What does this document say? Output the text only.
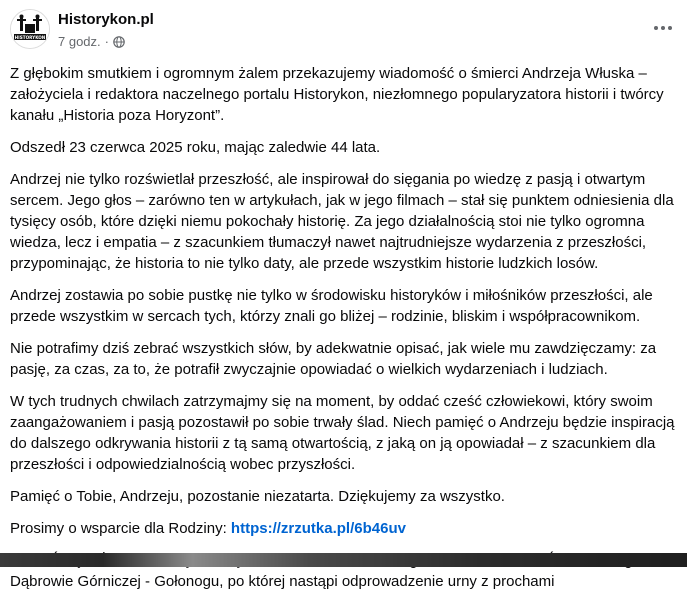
HISTORYKON
Historykon.pl
7 godz. ·

Z głębokim smutkiem i ogromnym żalem przekazujemy wiadomość o śmierci Andrzeja Włuska – założyciela i redaktora naczelnego portalu Historykon, niezłomnego popularyzatora historii i twórcy kanału „Historia poza Horyzont”.

Odszedł 23 czerwca 2025 roku, mając zaledwie 44 lata.

Andrzej nie tylko rozświetlał przeszłość, ale inspirował do sięgania po wiedzę z pasją i otwartym sercem. Jego głos – zarówno ten w artykułach, jak w jego filmach – stał się punktem odniesienia dla tysięcy osób, które dzięki niemu pokochały historię. Za jego działalnością stoi nie tylko ogromna wiedza, lecz i empatia – z szacunkiem tłumaczył nawet najtrudniejsze wydarzenia z przeszłości, przypominając, że historia to nie tylko daty, ale przede wszystkim historie ludzkich losów.

Andrzej zostawia po sobie pustkę nie tylko w środowisku historyków i miłośników przeszłości, ale przede wszystkim w sercach tych, którzy znali go bliżej – rodzinie, bliskim i współpracownikom.

Nie potrafimy dziś zebrać wszystkich słów, by adekwatnie opisać, jak wiele mu zawdzięczamy: za pasję, za czas, za to, że potrafił zwyczajnie opowiadać o wielkich wydarzeniach i ludziach.

W tych trudnych chwilach zatrzymajmy się na moment, by oddać cześć człowiekowi, który swoim zaangażowaniem i pasją pozostawił po sobie trwały ślad. Niech pamięć o Andrzeju będzie inspiracją do dalszego odkrywania historii z tą samą otwartością, z jaką on ją opowiadał – z szacunkiem dla przeszłości i odpowiedzialnością wobec przyszłości.

Pamięć o Tobie, Andrzeju, pozostanie niezatarta. Dziękujemy za wszystko.

Prosimy o wsparcie dla Rodziny: https://zrzutka.pl/6b46uv

Dąbrowie Górniczej - Gołonogu, po której nastąpi odprowadzenie urny z prochami
